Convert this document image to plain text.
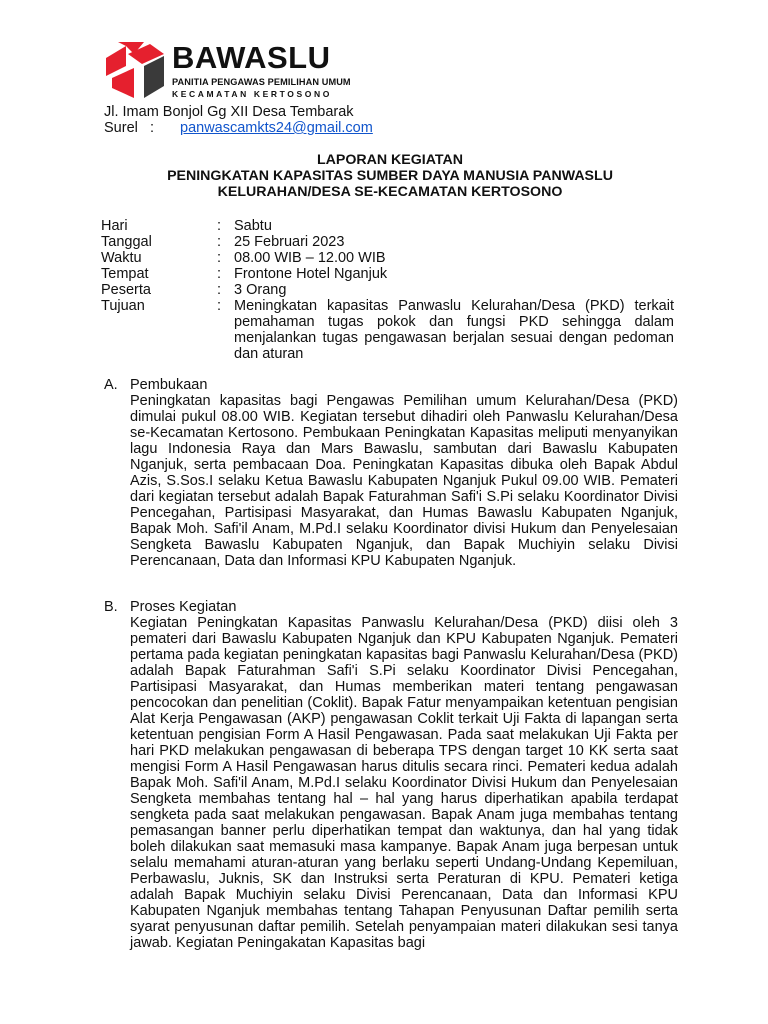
BAWASLU
PANITIA PENGAWAS PEMILIHAN UMUM
KECAMATAN KERTOSONO
Jl. Imam Bonjol Gg XII Desa Tembarak
Surel : panwascamkts24@gmail.com
LAPORAN KEGIATAN
PENINGKATAN KAPASITAS SUMBER DAYA MANUSIA PANWASLU
KELURAHAN/DESA SE-KECAMATAN KERTOSONO
Hari	: Sabtu
Tanggal	: 25 Februari 2023
Waktu	: 08.00 WIB – 12.00 WIB
Tempat	: Frontone Hotel Nganjuk
Peserta	: 3 Orang
Tujuan	: Meningkatan kapasitas Panwaslu Kelurahan/Desa (PKD) terkait pemahaman tugas pokok dan fungsi PKD sehingga dalam menjalankan tugas pengawasan berjalan sesuai dengan pedoman dan aturan
A. Pembukaan
Peningkatan kapasitas bagi Pengawas Pemilihan umum Kelurahan/Desa (PKD) dimulai pukul 08.00 WIB. Kegiatan tersebut dihadiri oleh Panwaslu Kelurahan/Desa se-Kecamatan Kertosono. Pembukaan Peningkatan Kapasitas meliputi menyanyikan lagu Indonesia Raya dan Mars Bawaslu, sambutan dari Bawaslu Kabupaten Nganjuk, serta pembacaan Doa. Peningkatan Kapasitas dibuka oleh Bapak Abdul Azis, S.Sos.I selaku Ketua Bawaslu Kabupaten Nganjuk Pukul 09.00 WIB. Pemateri dari kegiatan tersebut adalah Bapak Faturahman Safi'i S.Pi selaku Koordinator Divisi Pencegahan, Partisipasi Masyarakat, dan Humas Bawaslu Kabupaten Nganjuk, Bapak Moh. Safi'il Anam, M.Pd.I selaku Koordinator divisi Hukum dan Penyelesaian Sengketa Bawaslu Kabupaten Nganjuk, dan Bapak Muchiyin selaku Divisi Perencanaan, Data dan Informasi KPU Kabupaten Nganjuk.
B. Proses Kegiatan
Kegiatan Peningkatan Kapasitas Panwaslu Kelurahan/Desa (PKD) diisi oleh 3 pemateri dari Bawaslu Kabupaten Nganjuk dan KPU Kabupaten Nganjuk. Pemateri pertama pada kegiatan peningkatan kapasitas bagi Panwaslu Kelurahan/Desa (PKD) adalah Bapak Faturahman Safi'i S.Pi selaku Koordinator Divisi Pencegahan, Partisipasi Masyarakat, dan Humas memberikan materi tentang pengawasan pencocokan dan penelitian (Coklit). Bapak Fatur menyampaikan ketentuan pengisian Alat Kerja Pengawasan (AKP) pengawasan Coklit terkait Uji Fakta di lapangan serta ketentuan pengisian Form A Hasil Pengawasan. Pada saat melakukan Uji Fakta per hari PKD melakukan pengawasan di beberapa TPS dengan target 10 KK serta saat mengisi Form A Hasil Pengawasan harus ditulis secara rinci. Pemateri kedua adalah Bapak Moh. Safi'il Anam, M.Pd.I selaku Koordinator Divisi Hukum dan Penyelesaian Sengketa membahas tentang hal – hal yang harus diperhatikan apabila terdapat sengketa pada saat melakukan pengawasan. Bapak Anam juga membahas tentang pemasangan banner perlu diperhatikan tempat dan waktunya, dan hal yang tidak boleh dilakukan saat memasuki masa kampanye. Bapak Anam juga berpesan untuk selalu memahami aturan-aturan yang berlaku seperti Undang-Undang Kepemiluan, Perbawaslu, Juknis, SK dan Instruksi serta Peraturan di KPU. Pemateri ketiga adalah Bapak Muchiyin selaku Divisi Perencanaan, Data dan Informasi KPU Kabupaten Nganjuk membahas tentang Tahapan Penyusunan Daftar pemilih serta syarat penyusunan daftar pemilih. Setelah penyampaian materi dilakukan sesi tanya jawab. Kegiatan Peningakatan Kapasitas bagi
